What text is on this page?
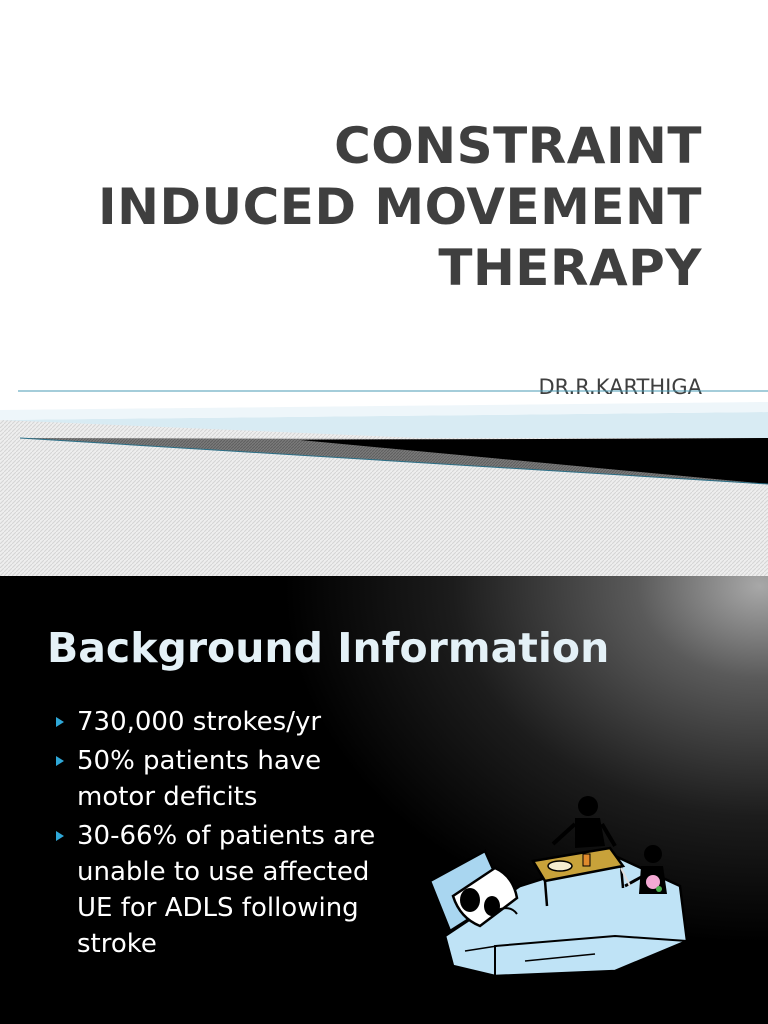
CONSTRAINT
INDUCED MOVEMENT
THERAPY
DR.R.KARTHIGA
Background Information
730,000 strokes/yr
50% patients have motor deficits
30-66% of patients are unable to use affected UE for ADLS following stroke
